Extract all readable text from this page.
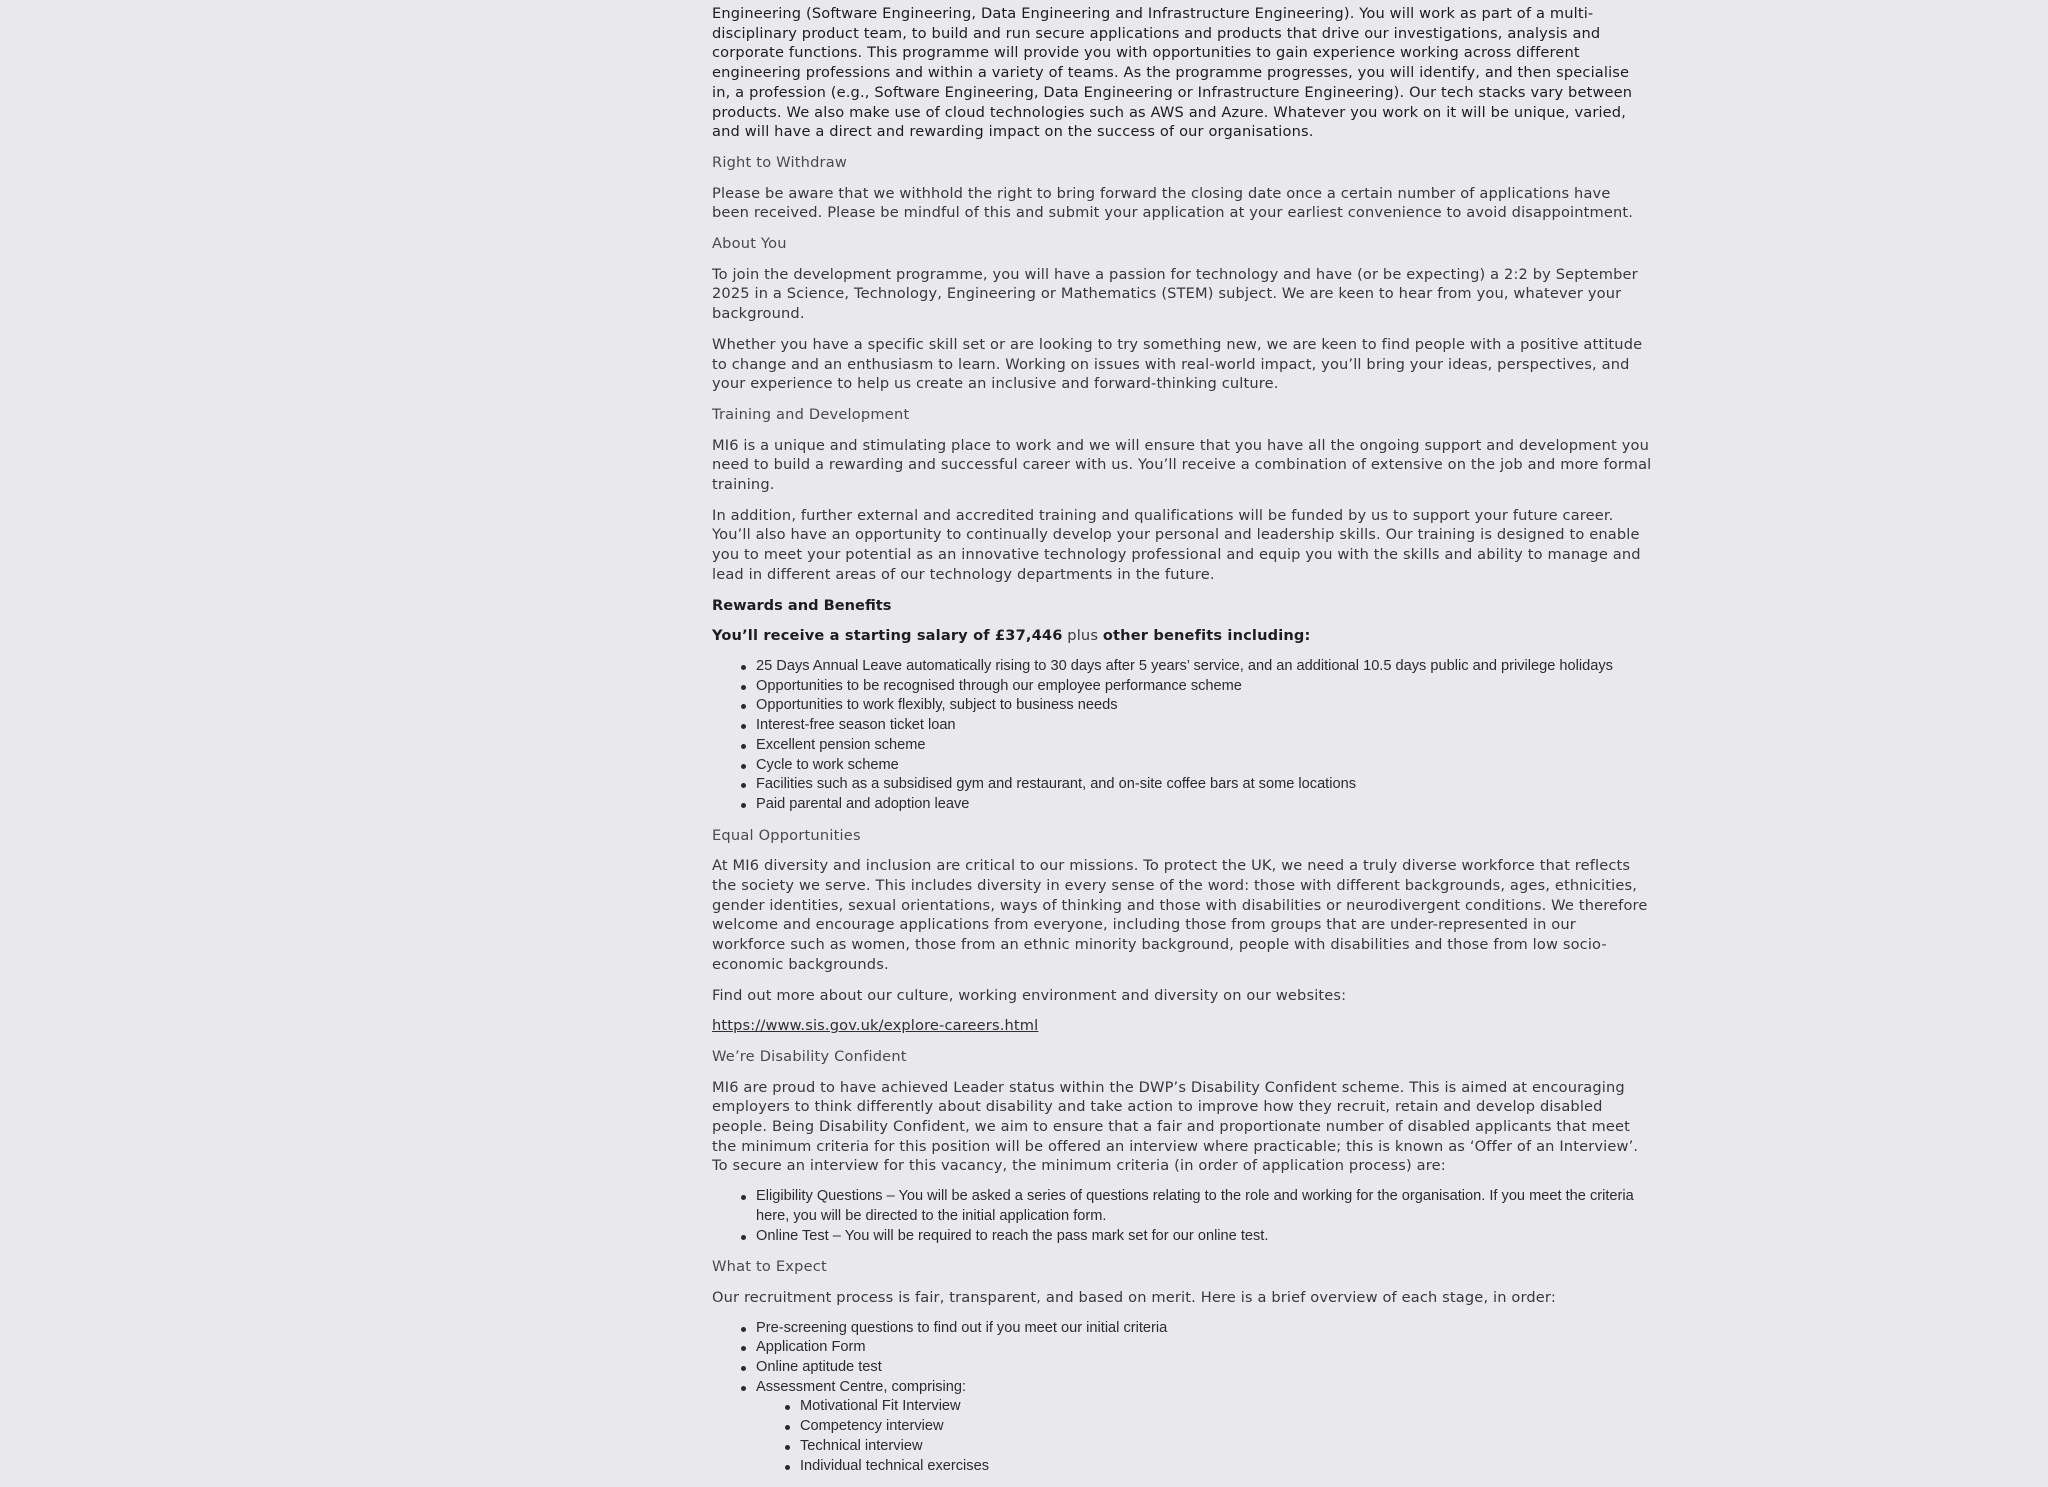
Engineering (Software Engineering, Data Engineering and Infrastructure Engineering). You will work as part of a multi-disciplinary product team, to build and run secure applications and products that drive our investigations, analysis and corporate functions. This programme will provide you with opportunities to gain experience working across different engineering professions and within a variety of teams. As the programme progresses, you will identify, and then specialise in, a profession (e.g., Software Engineering, Data Engineering or Infrastructure Engineering). Our tech stacks vary between products. We also make use of cloud technologies such as AWS and Azure. Whatever you work on it will be unique, varied, and will have a direct and rewarding impact on the success of our organisations.

Right to Withdraw

Please be aware that we withhold the right to bring forward the closing date once a certain number of applications have been received. Please be mindful of this and submit your application at your earliest convenience to avoid disappointment.

About You

To join the development programme, you will have a passion for technology and have (or be expecting) a 2:2 by September 2025 in a Science, Technology, Engineering or Mathematics (STEM) subject. We are keen to hear from you, whatever your background.

Whether you have a specific skill set or are looking to try something new, we are keen to find people with a positive attitude to change and an enthusiasm to learn. Working on issues with real-world impact, you’ll bring your ideas, perspectives, and your experience to help us create an inclusive and forward-thinking culture.

Training and Development

MI6 is a unique and stimulating place to work and we will ensure that you have all the ongoing support and development you need to build a rewarding and successful career with us. You’ll receive a combination of extensive on the job and more formal training.

In addition, further external and accredited training and qualifications will be funded by us to support your future career. You’ll also have an opportunity to continually develop your personal and leadership skills. Our training is designed to enable you to meet your potential as an innovative technology professional and equip you with the skills and ability to manage and lead in different areas of our technology departments in the future.

Rewards and Benefits

You’ll receive a starting salary of £37,446 plus other benefits including:

25 Days Annual Leave automatically rising to 30 days after 5 years’ service, and an additional 10.5 days public and privilege holidays
Opportunities to be recognised through our employee performance scheme
Opportunities to work flexibly, subject to business needs
Interest-free season ticket loan
Excellent pension scheme
Cycle to work scheme
Facilities such as a subsidised gym and restaurant, and on-site coffee bars at some locations
Paid parental and adoption leave
Equal Opportunities

At MI6 diversity and inclusion are critical to our missions. To protect the UK, we need a truly diverse workforce that reflects the society we serve. This includes diversity in every sense of the word: those with different backgrounds, ages, ethnicities, gender identities, sexual orientations, ways of thinking and those with disabilities or neurodivergent conditions. We therefore welcome and encourage applications from everyone, including those from groups that are under-represented in our workforce such as women, those from an ethnic minority background, people with disabilities and those from low socio-economic backgrounds.

Find out more about our culture, working environment and diversity on our websites:

https://www.sis.gov.uk/explore-careers.html

We’re Disability Confident

MI6 are proud to have achieved Leader status within the DWP’s Disability Confident scheme. This is aimed at encouraging employers to think differently about disability and take action to improve how they recruit, retain and develop disabled people. Being Disability Confident, we aim to ensure that a fair and proportionate number of disabled applicants that meet the minimum criteria for this position will be offered an interview where practicable; this is known as ‘Offer of an Interview’. To secure an interview for this vacancy, the minimum criteria (in order of application process) are:

Eligibility Questions – You will be asked a series of questions relating to the role and working for the organisation. If you meet the criteria here, you will be directed to the initial application form.
Online Test – You will be required to reach the pass mark set for our online test.
What to Expect

Our recruitment process is fair, transparent, and based on merit. Here is a brief overview of each stage, in order:

Pre-screening questions to find out if you meet our initial criteria
Application Form
Online aptitude test
Assessment Centre, comprising:
Motivational Fit Interview
Competency interview
Technical interview
Individual technical exercises
